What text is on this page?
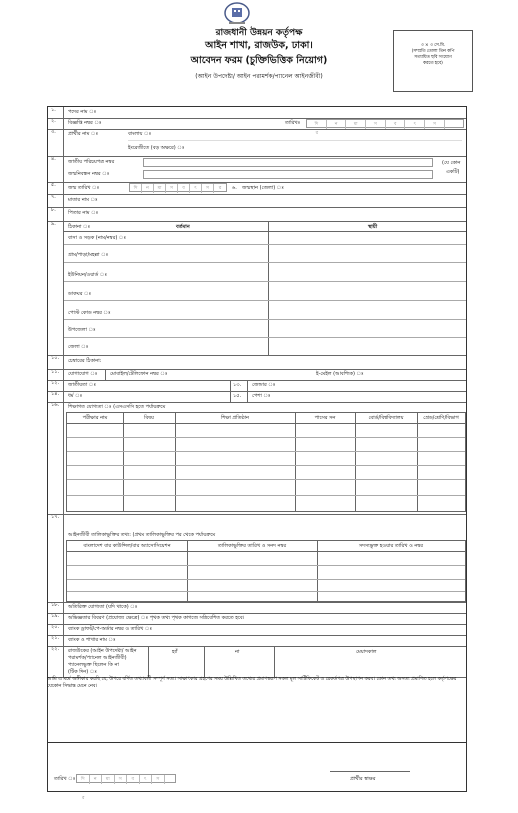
রাজধানী উন্নয়ন কর্তৃপক্ষ
আইন শাখা, রাজউক, ঢাকা।
আবেদন ফরম (চুক্তিভিত্তিক নিয়োগ)
(আইন উপদেষ্টা/ আইন পরামর্শক/প্যানেল আইনজীবী)
৩ × ৩ সে.মি.
(সম্প্রতি তোলা তিন কপি
সত্যায়িত ছবি সংযোগ
করতে হবে)
১.	পদের নাম ঃ
২.	বিজ্ঞপ্তি নম্বর ঃ	তারিখঃ	দি	ন	মা	স	ব	ৎ	সর
৩.	প্রার্থীর নাম ঃ	বাংলায় ঃ
ইংরেজীতে (বড় অক্ষরে) ঃ
৪.	জাতীয় পরিচয়পত্র নম্বর
জন্মনিবন্ধন নম্বর ঃ
(যে কোন
একটি)
৫.	জন্ম তারিখ ঃ	দি ন মা স ব ৎ স র	৬. জন্মস্থান (জেলা) ঃ
৭.	মাতার নাম ঃ
৮.	পিতার নাম ঃ
৯.	ঠিকানা ঃ	বর্তমান	স্থায়ী
বাসা ও সড়ক (নাম/নম্বর) ঃ
গ্রাম/পাড়া/মহল্লা ঃ
ইউনিয়ন/ওয়ার্ড ঃ
ডাকঘর ঃ
পোস্ট কোড নম্বর ঃ
উপজেলা ঃ
জেলা ঃ
১০.	চেম্বারের ঠিকানা:
১১.	যোগাযোগ ঃ	মোবাইল/টেলিফোন নম্বর ঃ	ই-মেইল (আবশ্যিক) ঃ
১২.	জাতীয়তা ঃ	১৩. জেন্ডার ঃ
১৪.	ধর্ম ঃ	১৫. পেশা ঃ
১৬.	শিক্ষাগত যোগ্যতা ঃ (এসএসসি হতে পর্যায়ক্রমে
পরীক্ষার নাম	বিষয়	শিক্ষা প্রতিষ্ঠান	পাসের সন	বোর্ড/বিশ্ববিদ্যালয়	গ্রেড/শ্রেণি/বিভাগ
১৭.
আইনজীবী তালিকাভুক্তির তথ্য: (প্রথম তালিকাভুক্তির পর থেকে পর্যায়ক্রমে
বাংলাদেশ বার কাউন্সিল/বার অ্যাসোসিয়েশন	তালিকাভুক্তির তারিখ ও সনদ নম্বর	সদস্যভুক্ত হওয়ার তারিখ ও নম্বর
১৮.	অতিরিক্ত যোগ্যতা (যদি থাকে) ঃ
১৯.	অভিজ্ঞতার বিবরণ (প্রযোজ্য ক্ষেত্রে) ঃ পৃথক তথ্য পৃথক কাগজে সন্নিবেশিত করতে হবে।
২০.	ব্যাংক ড্রাফট/পে-অর্ডার নম্বর ও তারিখ ঃ
২১.	ব্যাংক ও শাখার নাম ঃ
২২.	রাজউকের (আইন উপদেষ্টা/ আইন
পরামর্শক/প্যানেল আইনজীবী)
প্যানেলভুক্ত ছিলেন কি না
(টিক দিন) ঃ
হ্যাঁ	না	মেয়াদকাল
আমি এ মর্মে অঙ্গীকার করছি যে, উপরে বর্ণিত তথ্যাবলী সম্পূর্ণ সত্য। সাক্ষাৎকার গ্রহণের সময় উল্লিখিত তথ্যের প্রমাণস্বরূপ সকল মূল সার্টিফিকেট ও রেকর্ডপত্র উপস্থাপন করব। কোন তথ্য অসত্য প্রমাণিত হলে কর্তৃপক্ষের যেকোন সিদ্ধান্ত মেনে নেব।
তারিখ ঃ	দি ন মা স ব ৎ সর
প্রার্থীর স্বাক্ষর
